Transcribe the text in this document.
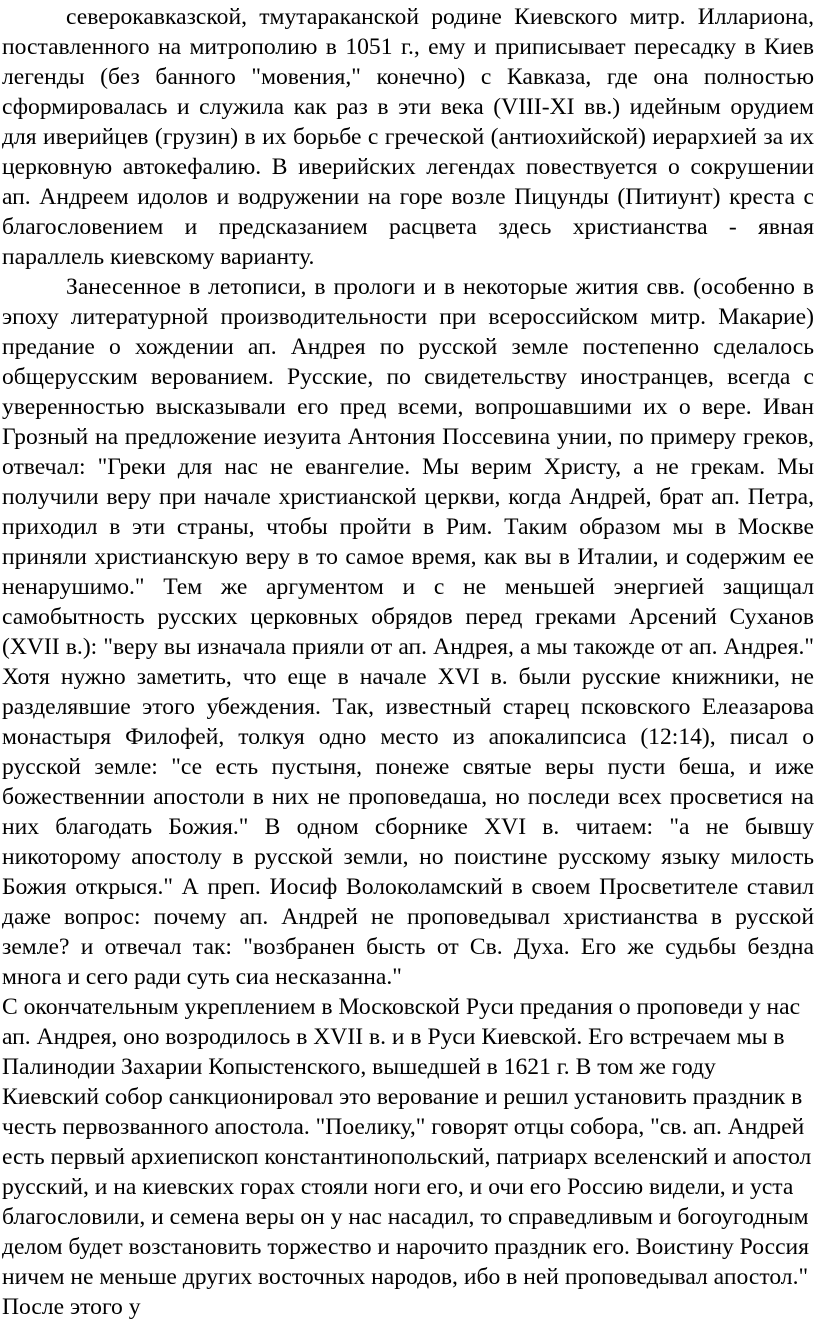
северокавказской, тмутараканской родине Киевского митр. Иллариона, поставленного на митрополию в 1051 г., ему и приписывает пересадку в Киев легенды (без банного "мовения," конечно) с Кавказа, где она полностью сформировалась и служила как раз в эти века (VIII-XI вв.) идейным орудием для иверийцев (грузин) в их борьбе с греческой (антиохийской) иерархией за их церковную автокефалию. В иверийских легендах повествуется о сокрушении ап. Андреем идолов и водружении на горе возле Пицунды (Питиунт) креста с благословением и предсказанием расцвета здесь христианства - явная параллель киевскому варианту.

Занесенное в летописи, в прологи и в некоторые жития свв. (особенно в эпоху литературной производительности при всероссийском митр. Макарие) предание о хождении ап. Андрея по русской земле постепенно сделалось общерусским верованием. Русские, по свидетельству иностранцев, всегда с уверенностью высказывали его пред всеми, вопрошавшими их о вере. Иван Грозный на предложение иезуита Антония Поссевина унии, по примеру греков, отвечал: "Греки для нас не евангелие. Мы верим Христу, а не грекам. Мы получили веру при начале христианской церкви, когда Андрей, брат ап. Петра, приходил в эти страны, чтобы пройти в Рим. Таким образом мы в Москве приняли христианскую веру в то самое время, как вы в Италии, и содержим ее ненарушимо." Тем же аргументом и с не меньшей энергией защищал самобытность русских церковных обрядов перед греками Арсений Суханов (XVII в.): "веру вы изначала прияли от ап. Андрея, а мы такожде от ап. Андрея." Хотя нужно заметить, что еще в начале XVI в. были русские книжники, не разделявшие этого убеждения. Так, известный старец псковского Елеазарова монастыря Филофей, толкуя одно место из апокалипсиса (12:14), писал о русской земле: "се есть пустыня, понеже святые веры пусти беша, и иже божественнии апостоли в них не проповедаша, но последи всех просветися на них благодать Божия." В одном сборнике XVI в. читаем: "а не бывшу никоторому апостолу в русской земли, но поистине русскому языку милость Божия открыся." А преп. Иосиф Волоколамский в своем Просветителе ставил даже вопрос: почему ап. Андрей не проповедывал христианства в русской земле? и отвечал так: "возбранен бысть от Св. Духа. Его же судьбы бездна многа и сего ради суть сиа несказанна."

С окончательным укреплением в Московской Руси предания о проповеди у нас ап. Андрея, оно возродилось в XVII в. и в Руси Киевской. Его встречаем мы в Палинодии Захарии Копыстенского, вышедшей в 1621 г. В том же году Киевский собор санкционировал это верование и решил установить праздник в честь первозванного апостола. "Поелику," говорят отцы собора, "св. ап. Андрей есть первый архиепископ константинопольский, патриарх вселенский и апостол русский, и на киевских горах стояли ноги его, и очи его Россию видели, и уста благословили, и семена веры он у нас насадил, то справедливым и богоугодным делом будет возстановить торжество и нарочито праздник его. Воистину Россия ничем не меньше других восточных народов, ибо в ней проповедывал апостол." После этого у
